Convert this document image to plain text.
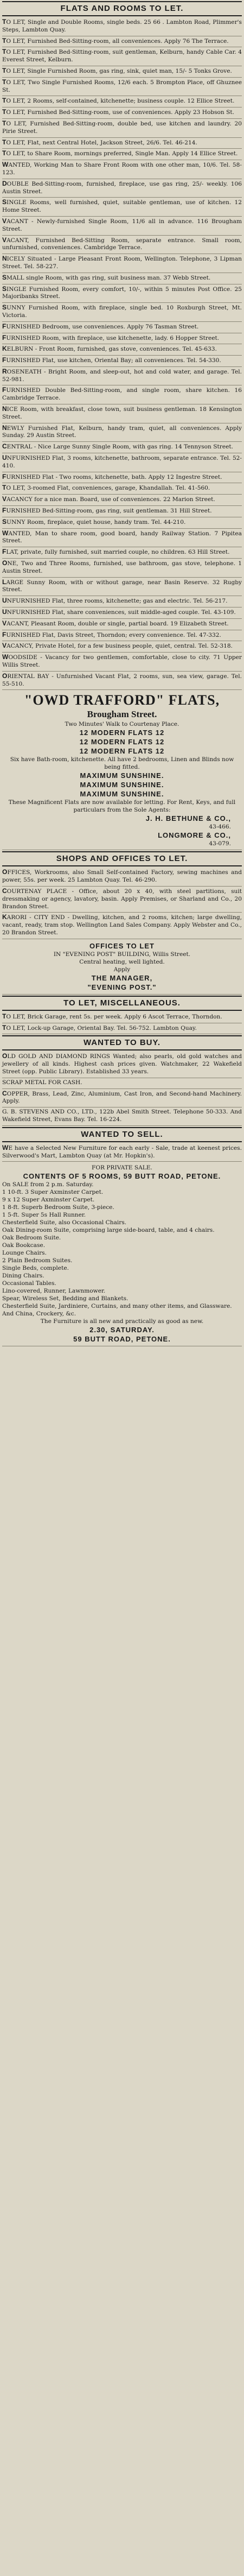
FLATS AND ROOMS TO LET.
TO LET, Single and Double Rooms, single beds. 25 66 . Lambton Road, Plimmer's Steps, Lambton Quay.
TO LET, Furnished Bed-Sitting-room, all conveniences. Apply 76 The Terrace.
TO LET, Furnished Bed-Sitting-room, suit gentleman, Kelburn, handy Cable Car. 4 Everest Street, Kelburn.
TO LET, Single Furnished Room, gas ring, sink, quiet man, 15/- 5 Tonks Grove.
TO LET, Two Single Furnished Rooms, 12/6 each. 5 Brompton Place, off Ghuznee St.
TO LET, 2 Rooms, self-contained, kitchenette; business couple. 12 Ellice Street.
TO LET, Furnished Bed-Sitting-room, use of conveniences. Apply 23 Hobson St.
TO LET, Furnished Bed-Sitting-room, double bed, use kitchen and laundry. 20 Pirie Street.
TO LET, Flat, next Central Hotel, Jackson Street, 26/6. Tel. 46-214.
TO LET, to Share Room, mornings preferred, Single Man. Apply 14 Ellice Street.
WANTED, Working Man to Share Front Room with one other man, 10/6. Tel. 58-123.
DOUBLE Bed-Sitting-room, furnished, fireplace, use gas ring, 25/- weekly. 106 Austin Street.
SINGLE Rooms, well furnished, quiet, suitable gentleman, use of kitchen. 12 Home Street.
VACANT - Newly-furnished Single Room, 11/6 all in advance. 116 Brougham Street.
VACANT, Furnished Bed-Sitting Room, separate entrance. Small room, unfurnished, conveniences. Cambridge Terrace.
NICELY Situated - Large Pleasant Front Room, Wellington. Telephone, 3 Lipman Street. Tel. 58-227.
SMALL single Room, with gas ring, suit business man. 37 Webb Street.
SINGLE Furnished Room, every comfort, 10/-, within 5 minutes Post Office. 25 Majoribanks Street.
SUNNY Furnished Room, with fireplace, single bed. 10 Roxburgh Street, Mt. Victoria.
FURNISHED Bedroom, use conveniences. Apply 76 Tasman Street.
FURNISHED Room, with fireplace, use kitchenette, lady. 6 Hopper Street.
KELBURN - Front Room, furnished, gas stove, conveniences. Tel. 45-633.
FURNISHED Flat, use kitchen, Oriental Bay; all conveniences. Tel. 54-330.
ROSENEATH - Bright Room, and sleep-out, hot and cold water, and garage. Tel. 52-981.
FURNISHED Double Bed-Sitting-room, and single room, share kitchen. 16 Cambridge Terrace.
NICE Room, with breakfast, close town, suit business gentleman. 18 Kensington Street.
NEWLY Furnished Flat, Kelburn, handy tram, quiet, all conveniences. Apply Sunday. 29 Austin Street.
CENTRAL - Nice Large Sunny Single Room, with gas ring. 14 Tennyson Street.
UNFURNISHED Flat, 3 rooms, kitchenette, bathroom, separate entrance. Tel. 52-410.
FURNISHED Flat - Two rooms, kitchenette, bath. Apply 12 Ingestre Street.
TO LET, 3-roomed Flat, conveniences, garage, Khandallah. Tel. 41-560.
VACANCY for a nice man. Board, use of conveniences. 22 Marion Street.
FURNISHED Bed-Sitting-room, gas ring, suit gentleman. 31 Hill Street.
SUNNY Room, fireplace, quiet house, handy tram. Tel. 44-210.
WANTED, Man to share room, good board, handy Railway Station. 7 Pipitea Street.
FLAT, private, fully furnished, suit married couple, no children. 63 Hill Street.
ONE, Two and Three Rooms, furnished, use bathroom, gas stove, telephone. 1 Austin Street.
LARGE Sunny Room, with or without garage, near Basin Reserve. 32 Rugby Street.
UNFURNISHED Flat, three rooms, kitchenette; gas and electric. Tel. 56-217.
UNFURNISHED Flat, share conveniences, suit middle-aged couple. Tel. 43-109.
VACANT, Pleasant Room, double or single, partial board. 19 Elizabeth Street.
FURNISHED Flat, Davis Street, Thorndon; every convenience. Tel. 47-332.
VACANCY, Private Hotel, for a few business people, quiet, central. Tel. 52-318.
WOODSIDE - Vacancy for two gentlemen, comfortable, close to city. 71 Upper Willis Street.
ORIENTAL BAY - Unfurnished Vacant Flat, 2 rooms, sun, sea view, garage. Tel. 55-510.
"OWD TRAFFORD" FLATS,
Brougham Street.
Two Minutes' Walk to Courtenay Place.
12 MODERN FLATS 12
12 MODERN FLATS 12
12 MODERN FLATS 12
Six have Bath-room, kitchenette. All have 2 bedrooms, Linen and Blinds now being fitted.
MAXIMUM SUNSHINE.
MAXIMUM SUNSHINE.
MAXIMUM SUNSHINE.
These Magnificent Flats are now available for letting. For Rent, Keys, and full particulars from the Sole Agents:
J. H. BETHUNE & CO.,
43-466.
LONGMORE & CO.,
43-079.
SHOPS AND OFFICES TO LET.
OFFICES, Workrooms, also Small Self-contained Factory, sewing machines and power, 55s. per week. 25 Lambton Quay. Tel. 46-290.
COURTENAY PLACE - Office, about 20 x 40, with steel partitions, suit dressmaking or agency, lavatory, basin. Apply Premises, or Sharland and Co., 20 Brandon Street.
KARORI - CITY END - Dwelling, kitchen, and 2 rooms, kitchen; large dwelling, vacant, ready, tram stop. Wellington Land Sales Company. Apply Webster and Co., 20 Brandon Street.
OFFICES TO LET
IN "EVENING POST" BUILDING, Willis Street.
Central heating, well lighted.
Apply
THE MANAGER,
"EVENING POST."
TO LET, MISCELLANEOUS.
TO LET, Brick Garage, rent 5s. per week. Apply 6 Ascot Terrace, Thorndon.
TO LET, Lock-up Garage, Oriental Bay. Tel. 56-752. Lambton Quay.
WANTED TO BUY.
OLD GOLD AND DIAMOND RINGS Wanted; also pearls, old gold watches and jewellery of all kinds. Highest cash prices given. Watchmaker, 22 Wakefield Street (opp. Public Library). Established 33 years.
SCRAP METAL FOR CASH.
COPPER, Brass, Lead, Zinc, Aluminium, Cast Iron, and Second-hand Machinery. Apply.
G. B. STEVENS AND CO., LTD., 122b Abel Smith Street. Telephone 50-333. And Wakefield Street, Evans Bay. Tel. 16-224.
WANTED TO SELL.
WE have a Selected New Furniture for each early - Sale, trade at keenest prices. Silverwood's Mart, Lambton Quay (at Mr. Hopkin's).
FOR PRIVATE SALE.
CONTENTS OF 5 ROOMS, 59 BUTT ROAD, PETONE.
On SALE from 2 p.m. Saturday.
1 10-ft. 3 Super Axminster Carpet.
9 x 12 Super Axminster Carpet.
1 8-ft. Superb Bedroom Suite, 3-piece.
1 5-ft. Super 5s Hall Runner.
Chesterfield Suite, also Occasional Chairs.
Oak Dining-room Suite, comprising large side-board, table, and 4 chairs.
Oak Bedroom Suite.
Oak Bookcase.
Lounge Chairs.
2 Plain Bedroom Suites.
Single Beds, complete.
Dining Chairs.
Occasional Tables.
Lino-covered, Runner, Lawnmower.
Spear, Wireless Set, Bedding and Blankets.
Chesterfield Suite, Jardiniere, Curtains, and many other items, and Glassware.
And China, Crockery, &c.
The Furniture is all new and practically as good as new.
2.30, SATURDAY.
59 BUTT ROAD, PETONE.
